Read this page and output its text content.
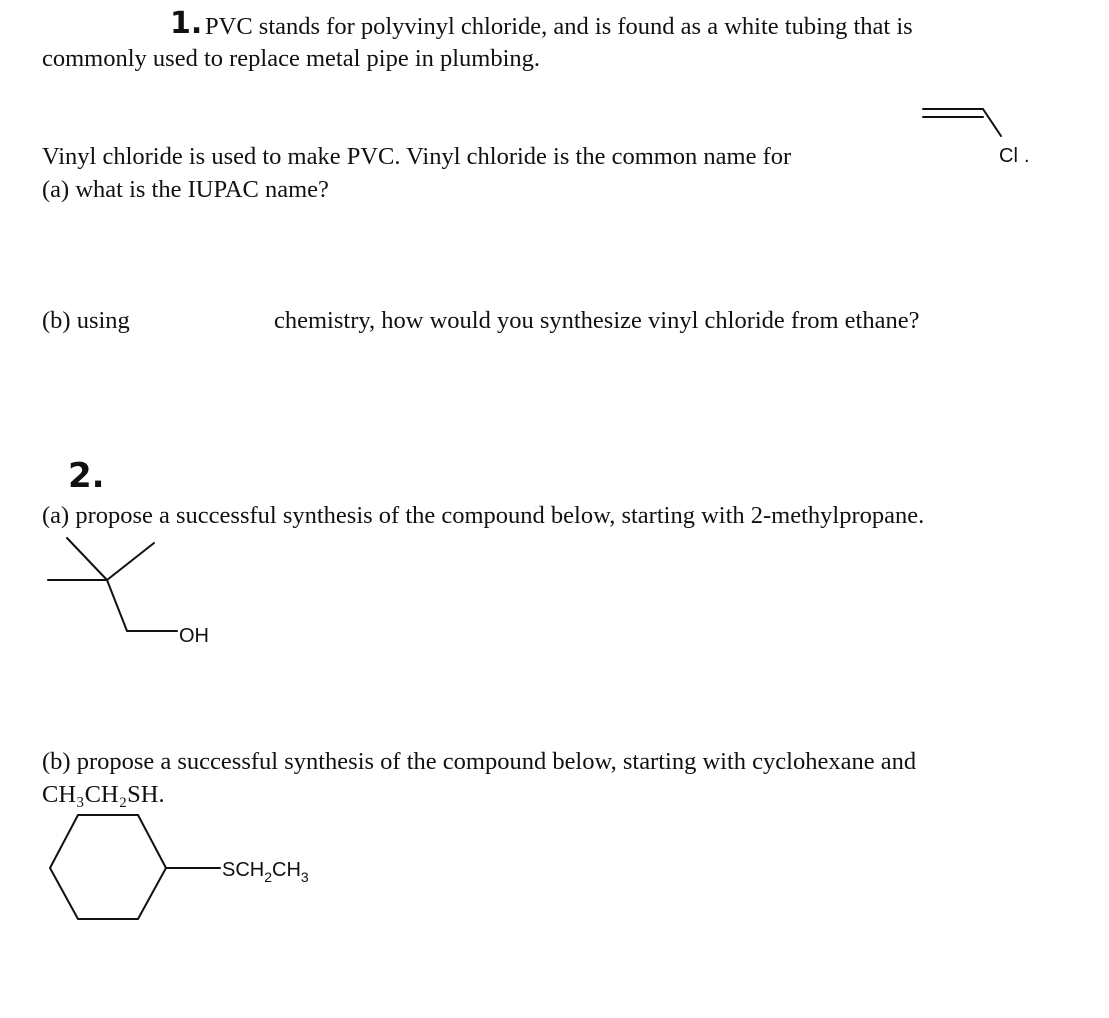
1. PVC stands for polyvinyl chloride, and is found as a white tubing that is
commonly used to replace metal pipe in plumbing.
Vinyl chloride is used to make PVC. Vinyl chloride is the common name for
(a) what is the IUPAC name?
Cl .
(b) using	chemistry, how would you synthesize vinyl chloride from ethane?
2.
(a) propose a successful synthesis of the compound below, starting with 2-methylpropane.
OH
(b) propose a successful synthesis of the compound below, starting with cyclohexane and
CH₃CH₂SH.
$SCH_2CH_3$
